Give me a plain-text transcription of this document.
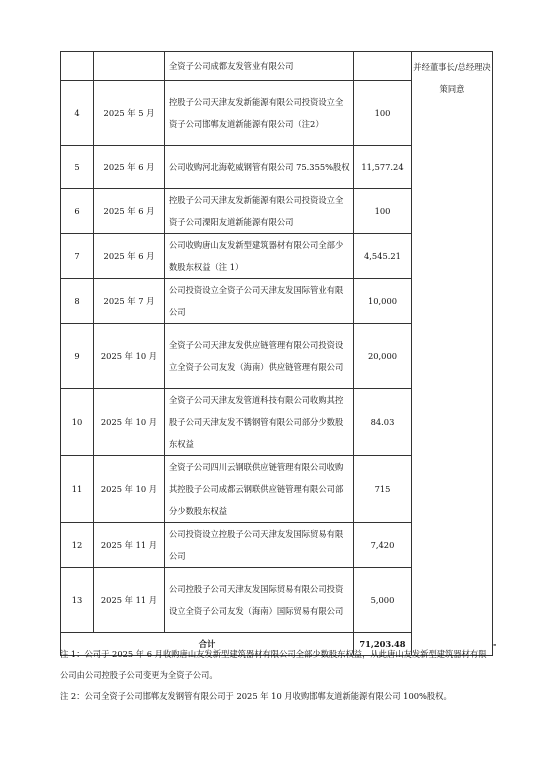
		全资子公司成都友发管业有限公司		并经董事长/总经理决策同意	
4	2025 年 5 月	控股子公司天津友发新能源有限公司投资设立全资子公司邯郸友道新能源有限公司（注2）	100		
5	2025 年 6 月	公司收购河北海乾威钢管有限公司 75.355%股权	11,577.24		
6	2025 年 6 月	控股子公司天津友发新能源有限公司投资设立全资子公司溧阳友道新能源有限公司	100		
7	2025 年 6 月	公司收购唐山友发新型建筑器材有限公司全部少数股东权益（注 1）	4,545.21		
8	2025 年 7 月	公司投资设立全资子公司天津友发国际管业有限公司	10,000		
9	2025 年 10 月	全资子公司天津友发供应链管理有限公司投资设立全资子公司友发（海南）供应链管理有限公司	20,000		
10	2025 年 10 月	全资子公司天津友发管道科技有限公司收购其控股子公司天津友发不锈钢管有限公司部分少数股东权益	84.03		
11	2025 年 10 月	全资子公司四川云钢联供应链管理有限公司收购其控股子公司成都云钢联供应链管理有限公司部分少数股东权益	715		
12	2025 年 11 月	公司投资设立控股子公司天津友发国际贸易有限公司	7,420		
13	2025 年 11 月	公司控股子公司天津友发国际贸易有限公司投资设立全资子公司友发（海南）国际贸易有限公司	5,000		
合计			71,203.48		-
注 1：公司于 2025 年 6 月收购唐山友发新型建筑器材有限公司全部少数股东权益，从此唐山友发新型建筑器材有限公司由公司控股子公司变更为全资子公司。
注 2：公司全资子公司邯郸友发钢管有限公司于 2025 年 10 月收购邯郸友道新能源有限公司 100%股权。
